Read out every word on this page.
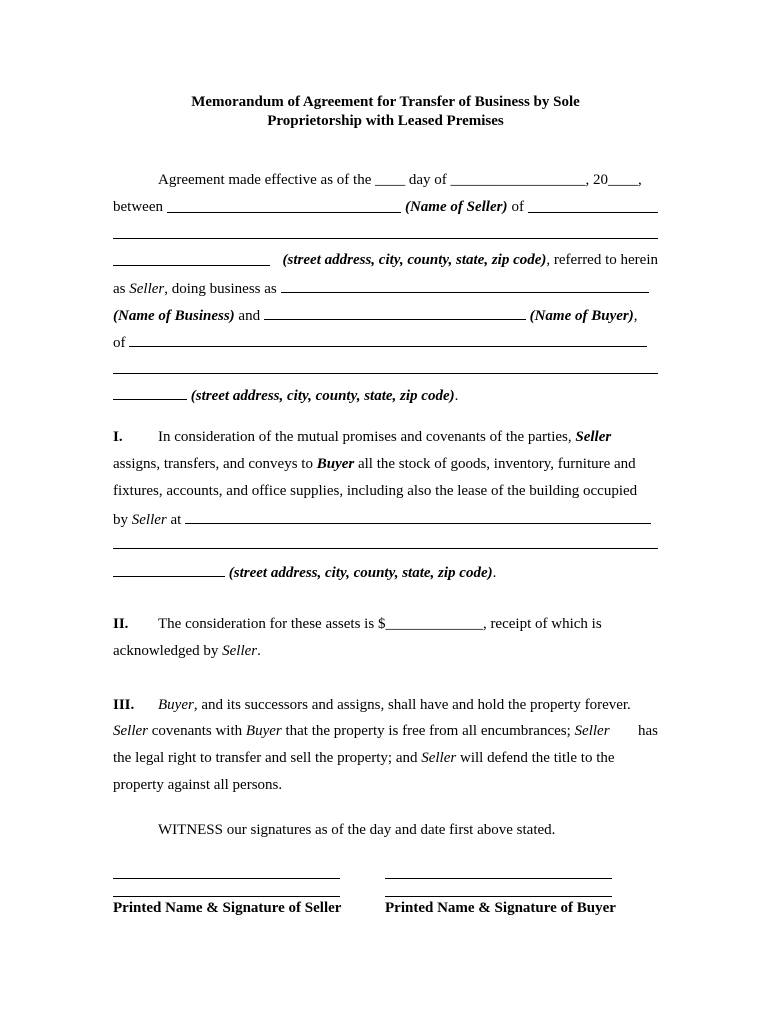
Memorandum of Agreement for Transfer of Business by Sole
Proprietorship with Leased Premises
Agreement made effective as of the ____ day of __________________, 20____,
between	(Name of Seller) of
(street address, city, county, state, zip code), referred to herein
as Seller, doing business as
(Name of Business) and	(Name of Buyer),
of
(street address, city, county, state, zip code).
I. In consideration of the mutual promises and covenants of the parties, Seller
assigns, transfers, and conveys to Buyer all the stock of goods, inventory, furniture and
fixtures, accounts, and office supplies, including also the lease of the building occupied
by Seller at
(street address, city, county, state, zip code).
II. The consideration for these assets is $_____________, receipt of which is
acknowledged by Seller.
III. Buyer, and its successors and assigns, shall have and hold the property forever.
Seller covenants with Buyer that the property is free from all encumbrances; Seller has
the legal right to transfer and sell the property; and Seller will defend the title to the
property against all persons.
WITNESS our signatures as of the day and date first above stated.
Printed Name & Signature of Seller	Printed Name & Signature of Buyer
